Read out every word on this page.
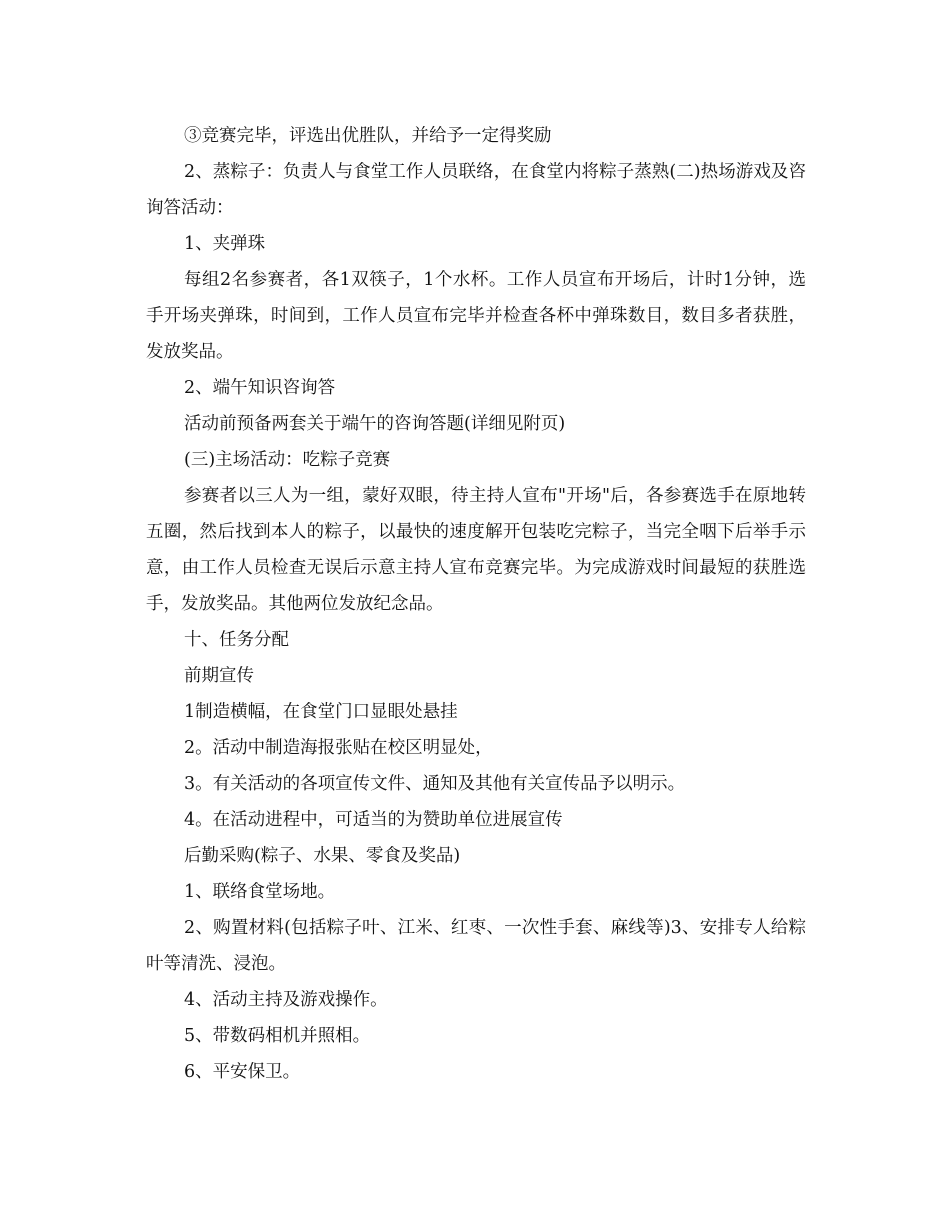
③竞赛完毕，评选出优胜队，并给予一定得奖励

2、蒸粽子：负责人与食堂工作人员联络，在食堂内将粽子蒸熟(二)热场游戏及咨询答活动：

1、夹弹珠

每组2名参赛者，各1双筷子，1个水杯。工作人员宣布开场后，计时1分钟，选手开场夹弹珠，时间到，工作人员宣布完毕并检查各杯中弹珠数目，数目多者获胜，发放奖品。

2、端午知识咨询答

活动前预备两套关于端午的咨询答题(详细见附页)

(三)主场活动：吃粽子竞赛

参赛者以三人为一组，蒙好双眼，待主持人宣布"开场"后，各参赛选手在原地转五圈，然后找到本人的粽子，以最快的速度解开包装吃完粽子，当完全咽下后举手示 意，由工作人员检查无误后示意主持人宣布竞赛完毕。为完成游戏时间最短的获胜选手，发放奖品。其他两位发放纪念品。

十、任务分配

前期宣传

1制造横幅，在食堂门口显眼处悬挂

2。活动中制造海报张贴在校区明显处，

3。有关活动的各项宣传文件、通知及其他有关宣传品予以明示。

4。在活动进程中，可适当的为赞助单位进展宣传

后勤采购(粽子、水果、零食及奖品)

1、联络食堂场地。

2、购置材料(包括粽子叶、江米、红枣、一次性手套、麻线等)3、安排专人给粽叶等清洗、浸泡。

4、活动主持及游戏操作。

5、带数码相机并照相。

6、平安保卫。
